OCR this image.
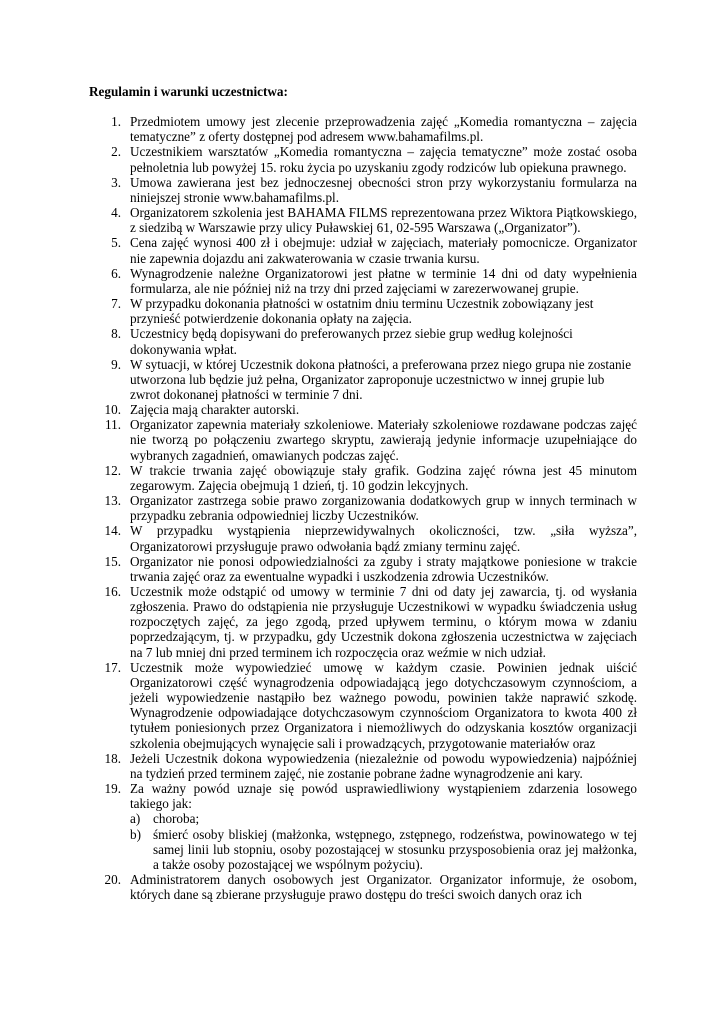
Regulamin i warunki uczestnictwa:
1. Przedmiotem umowy jest zlecenie przeprowadzenia zajęć „Komedia romantyczna – zajęcia tematyczne” z oferty dostępnej pod adresem www.bahamafilms.pl.
2. Uczestnikiem warsztatów „Komedia romantyczna – zajęcia tematyczne” może zostać osoba pełnoletnia lub powyżej 15. roku życia po uzyskaniu zgody rodziców lub opiekuna prawnego.
3. Umowa zawierana jest bez jednoczesnej obecności stron przy wykorzystaniu formularza na niniejszej stronie www.bahamafilms.pl.
4. Organizatorem szkolenia jest BAHAMA FILMS reprezentowana przez Wiktora Piątkowskiego, z siedzibą w Warszawie przy ulicy Puławskiej 61, 02-595 Warszawa („Organizator”).
5. Cena zajęć wynosi 400 zł i obejmuje: udział w zajęciach, materiały pomocnicze. Organizator nie zapewnia dojazdu ani zakwaterowania w czasie trwania kursu.
6. Wynagrodzenie należne Organizatorowi jest płatne w terminie 14 dni od daty wypełnienia formularza, ale nie później niż na trzy dni przed zajęciami w zarezerwowanej grupie.
7. W przypadku dokonania płatności w ostatnim dniu terminu Uczestnik zobowiązany jest przynieść potwierdzenie dokonania opłaty na zajęcia.
8. Uczestnicy będą dopisywani do preferowanych przez siebie grup według kolejności dokonywania wpłat.
9. W sytuacji, w której Uczestnik dokona płatności, a preferowana przez niego grupa nie zostanie utworzona lub będzie już pełna, Organizator zaproponuje uczestnictwo w innej grupie lub zwrot dokonanej płatności w terminie 7 dni.
10. Zajęcia mają charakter autorski.
11. Organizator zapewnia materiały szkoleniowe. Materiały szkoleniowe rozdawane podczas zajęć nie tworzą po połączeniu zwartego skryptu, zawierają jedynie informacje uzupełniające do wybranych zagadnień, omawianych podczas zajęć.
12. W trakcie trwania zajęć obowiązuje stały grafik. Godzina zajęć równa jest 45 minutom zegarowym. Zajęcia obejmują 1 dzień, tj. 10 godzin lekcyjnych.
13. Organizator zastrzega sobie prawo zorganizowania dodatkowych grup w innych terminach w przypadku zebrania odpowiedniej liczby Uczestników.
14. W przypadku wystąpienia nieprzewidywalnych okoliczności, tzw. „siła wyższa”, Organizatorowi przysługuje prawo odwołania bądź zmiany terminu zajęć.
15. Organizator nie ponosi odpowiedzialności za zguby i straty majątkowe poniesione w trakcie trwania zajęć oraz za ewentualne wypadki i uszkodzenia zdrowia Uczestników.
16. Uczestnik może odstąpić od umowy w terminie 7 dni od daty jej zawarcia, tj. od wysłania zgłoszenia. Prawo do odstąpienia nie przysługuje Uczestnikowi w wypadku świadczenia usług rozpoczętych zajęć, za jego zgodą, przed upływem terminu, o którym mowa w zdaniu poprzedzającym, tj. w przypadku, gdy Uczestnik dokona zgłoszenia uczestnictwa w zajęciach na 7 lub mniej dni przed terminem ich rozpoczęcia oraz weźmie w nich udział.
17. Uczestnik może wypowiedzieć umowę w każdym czasie. Powinien jednak uiścić Organizatorowi część wynagrodzenia odpowiadającą jego dotychczasowym czynnościom, a jeżeli wypowiedzenie nastąpiło bez ważnego powodu, powinien także naprawić szkodę. Wynagrodzenie odpowiadające dotychczasowym czynnościom Organizatora to kwota 400 zł tytułem poniesionych przez Organizatora i niemożliwych do odzyskania kosztów organizacji szkolenia obejmujących wynajęcie sali i prowadzących, przygotowanie materiałów oraz
18. Jeżeli Uczestnik dokona wypowiedzenia (niezależnie od powodu wypowiedzenia) najpóźniej na tydzień przed terminem zajęć, nie zostanie pobrane żadne wynagrodzenie ani kary.
19. Za ważny powód uznaje się powód usprawiedliwiony wystąpieniem zdarzenia losowego takiego jak:
a) choroba;
b) śmierć osoby bliskiej (małżonka, wstępnego, zstępnego, rodzeństwa, powinowatego w tej samej linii lub stopniu, osoby pozostającej w stosunku przysposobienia oraz jej małżonka, a także osoby pozostającej we wspólnym pożyciu).
20. Administratorem danych osobowych jest Organizator. Organizator informuje, że osobom, których dane są zbierane przysługuje prawo dostępu do treści swoich danych oraz ich
